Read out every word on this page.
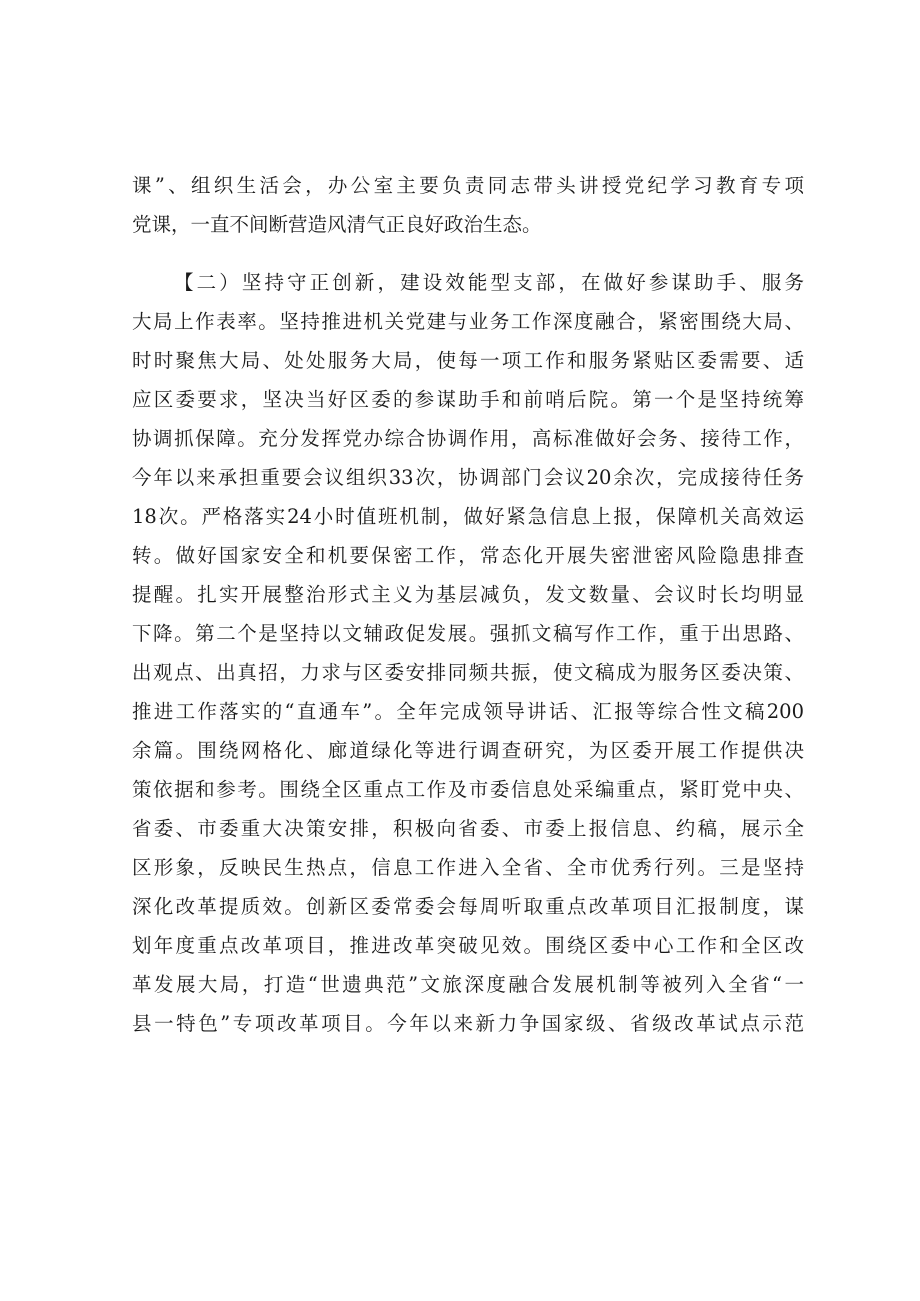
课”、组织生活会，办公室主要负责同志带头讲授党纪学习教育专项
党课，一直不间断营造风清气正良好政治生态。
【二）坚持守正创新，建设效能型支部，在做好参谋助手、服务
大局上作表率。坚持推进机关党建与业务工作深度融合，紧密围绕大局、
时时聚焦大局、处处服务大局，使每一项工作和服务紧贴区委需要、适
应区委要求，坚决当好区委的参谋助手和前哨后院。第一个是坚持统筹
协调抓保障。充分发挥党办综合协调作用，高标准做好会务、接待工作，
今年以来承担重要会议组织33次，协调部门会议20余次，完成接待任务
18次。严格落实24小时值班机制，做好紧急信息上报，保障机关高效运
转。做好国家安全和机要保密工作，常态化开展失密泄密风险隐患排查
提醒。扎实开展整治形式主义为基层减负，发文数量、会议时长均明显
下降。第二个是坚持以文辅政促发展。强抓文稿写作工作，重于出思路、
出观点、出真招，力求与区委安排同频共振，使文稿成为服务区委决策、
推进工作落实的“直通车”。全年完成领导讲话、汇报等综合性文稿200
余篇。围绕网格化、廊道绿化等进行调查研究，为区委开展工作提供决
策依据和参考。围绕全区重点工作及市委信息处采编重点，紧盯党中央、
省委、市委重大决策安排，积极向省委、市委上报信息、约稿，展示全
区形象，反映民生热点，信息工作进入全省、全市优秀行列。三是坚持
深化改革提质效。创新区委常委会每周听取重点改革项目汇报制度，谋
划年度重点改革项目，推进改革突破见效。围绕区委中心工作和全区改
革发展大局，打造“世遗典范”文旅深度融合发展机制等被列入全省“一
县一特色”专项改革项目。今年以来新力争国家级、省级改革试点示范
